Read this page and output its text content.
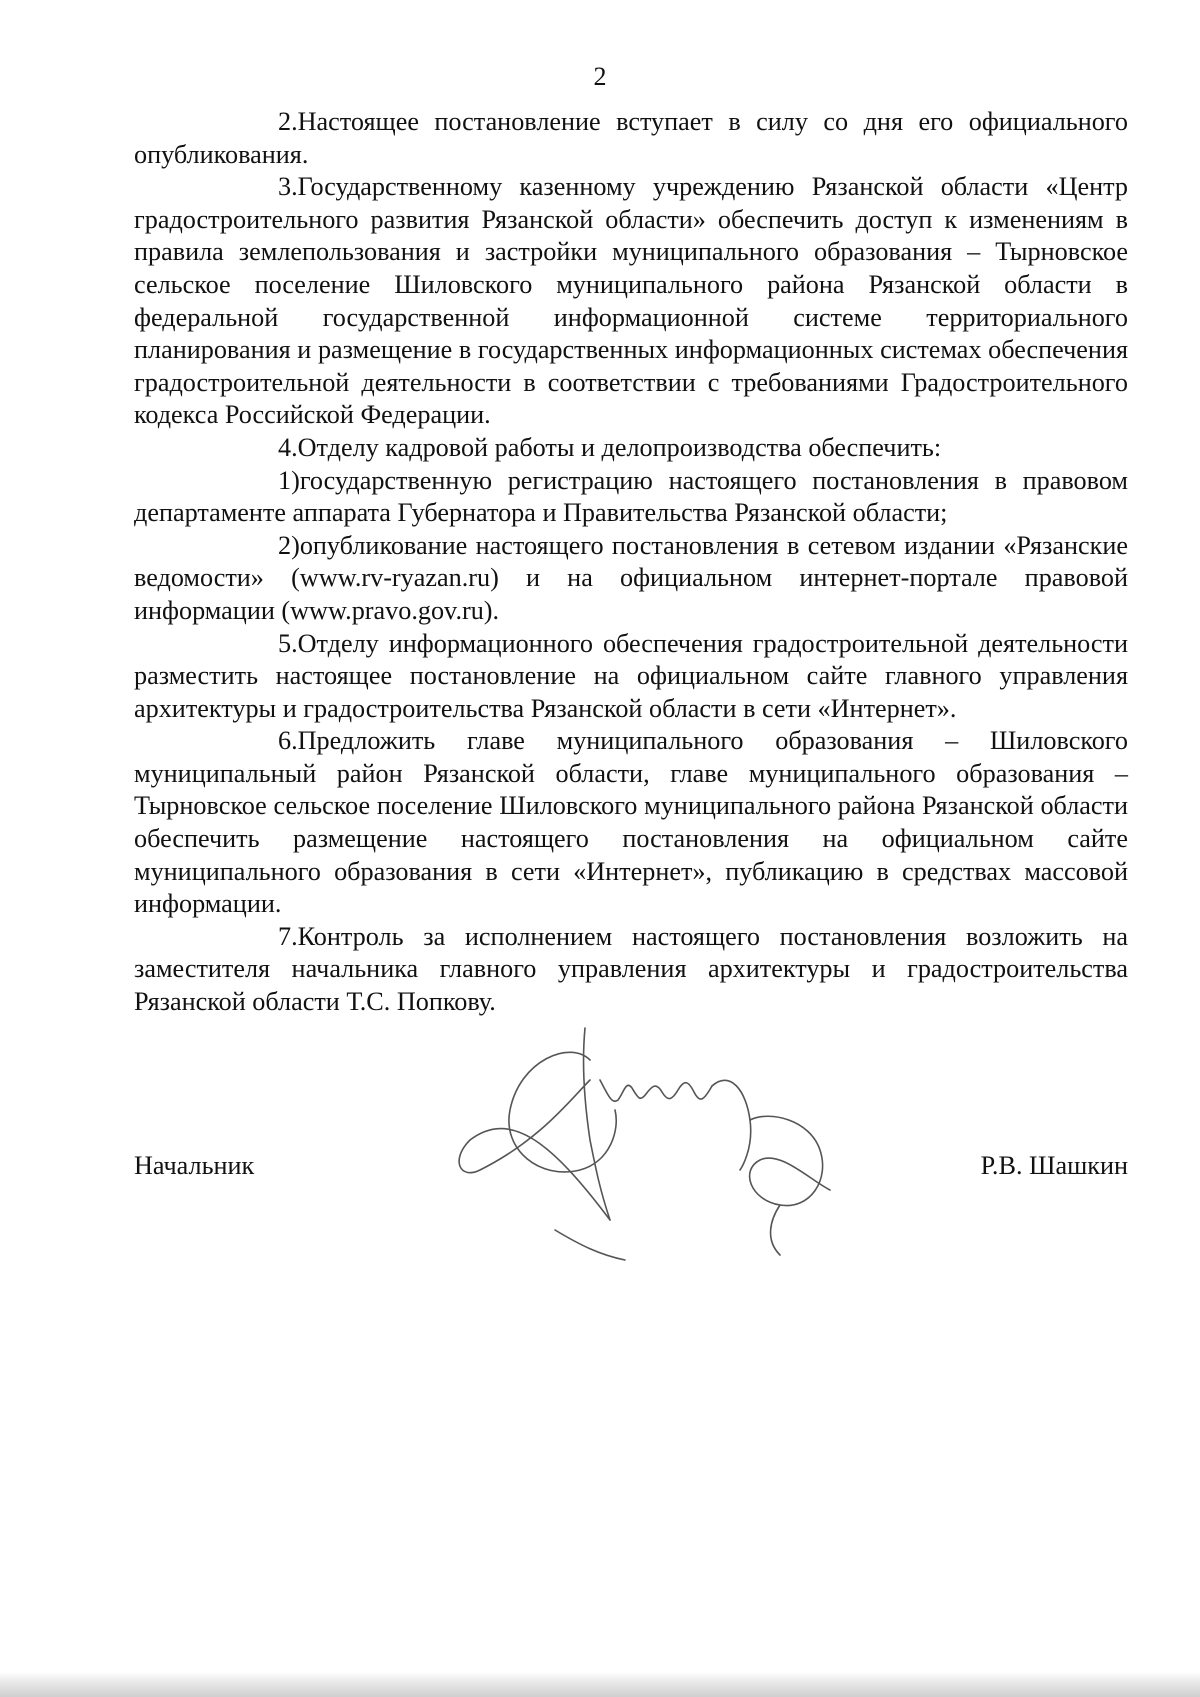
2

2.Настоящее постановление вступает в силу со дня его официального опубликования.

3.Государственному казенному учреждению Рязанской области «Центр градостроительного развития Рязанской области» обеспечить доступ к изменениям в правила землепользования и застройки муниципального образования – Тырновское сельское поселение Шиловского муниципального района Рязанской области в федеральной государственной информационной системе территориального планирования и размещение в государственных информационных системах обеспечения градостроительной деятельности в соответствии с требованиями Градостроительного кодекса Российской Федерации.

4.Отделу кадровой работы и делопроизводства обеспечить:

1)государственную регистрацию настоящего постановления в правовом департаменте аппарата Губернатора и Правительства Рязанской области;

2)опубликование настоящего постановления в сетевом издании «Рязанские ведомости» (www.rv-ryazan.ru) и на официальном интернет-портале правовой информации (www.pravo.gov.ru).

5.Отделу информационного обеспечения градостроительной деятельности разместить настоящее постановление на официальном сайте главного управления архитектуры и градостроительства Рязанской области в сети «Интернет».

6.Предложить главе муниципального образования – Шиловского муниципальный район Рязанской области, главе муниципального образования – Тырновское сельское поселение Шиловского муниципального района Рязанской области обеспечить размещение настоящего постановления на официальном сайте муниципального образования в сети «Интернет», публикацию в средствах массовой информации.

7.Контроль за исполнением настоящего постановления возложить на заместителя начальника главного управления архитектуры и градостроительства Рязанской области Т.С. Попкову.

Начальник	Р.В. Шашкин
